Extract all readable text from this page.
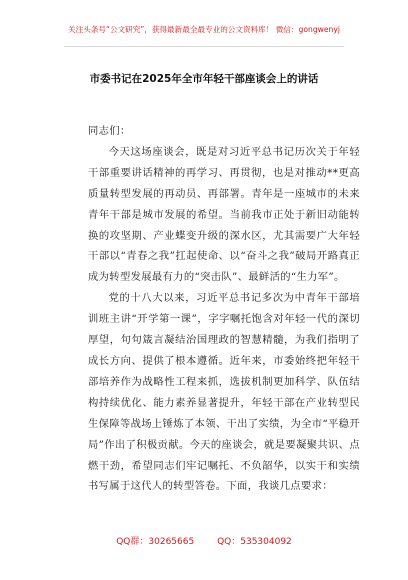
关注头条号“公文研究”，获得最新最全最专业的公文资料库！ 微信：gongwenyj
市委书记在2025年全市年轻干部座谈会上的讲话

同志们：

今天这场座谈会，既是对习近平总书记历次关于年轻干部重要讲话精神的再学习、再贯彻，也是对推动**更高质量转型发展的再动员、再部署。青年是一座城市的未来青年干部是城市发展的希望。当前我市正处于新旧动能转换的攻坚期、产业蝶变升级的深水区，尤其需要广大年轻干部以“青春之我”扛起使命、以“奋斗之我”破局开路真正成为转型发展最有力的“突击队”、最鲜活的“生力军”。

党的十八大以来，习近平总书记多次为中青年干部培训班主讲“开学第一课”，字字嘱托饱含对年轻一代的深切厚望，句句箴言凝结治国理政的智慧精髓，为我们指明了成长方向、提供了根本遵循。近年来，市委始终把年轻干部培养作为战略性工程来抓，选拔机制更加科学、队伍结构持续优化、能力素养显著提升，年轻干部在产业转型民生保障等战场上锤炼了本领、干出了实绩，为全市“平稳开局”作出了积极贡献。今天的座谈会，就是要凝聚共识、点燃干劲，希望同志们牢记嘱托、不负韶华，以实干和实绩书写属于这代人的转型答卷。下面，我谈几点要求：

QQ群：30265665	QQ：535304092
